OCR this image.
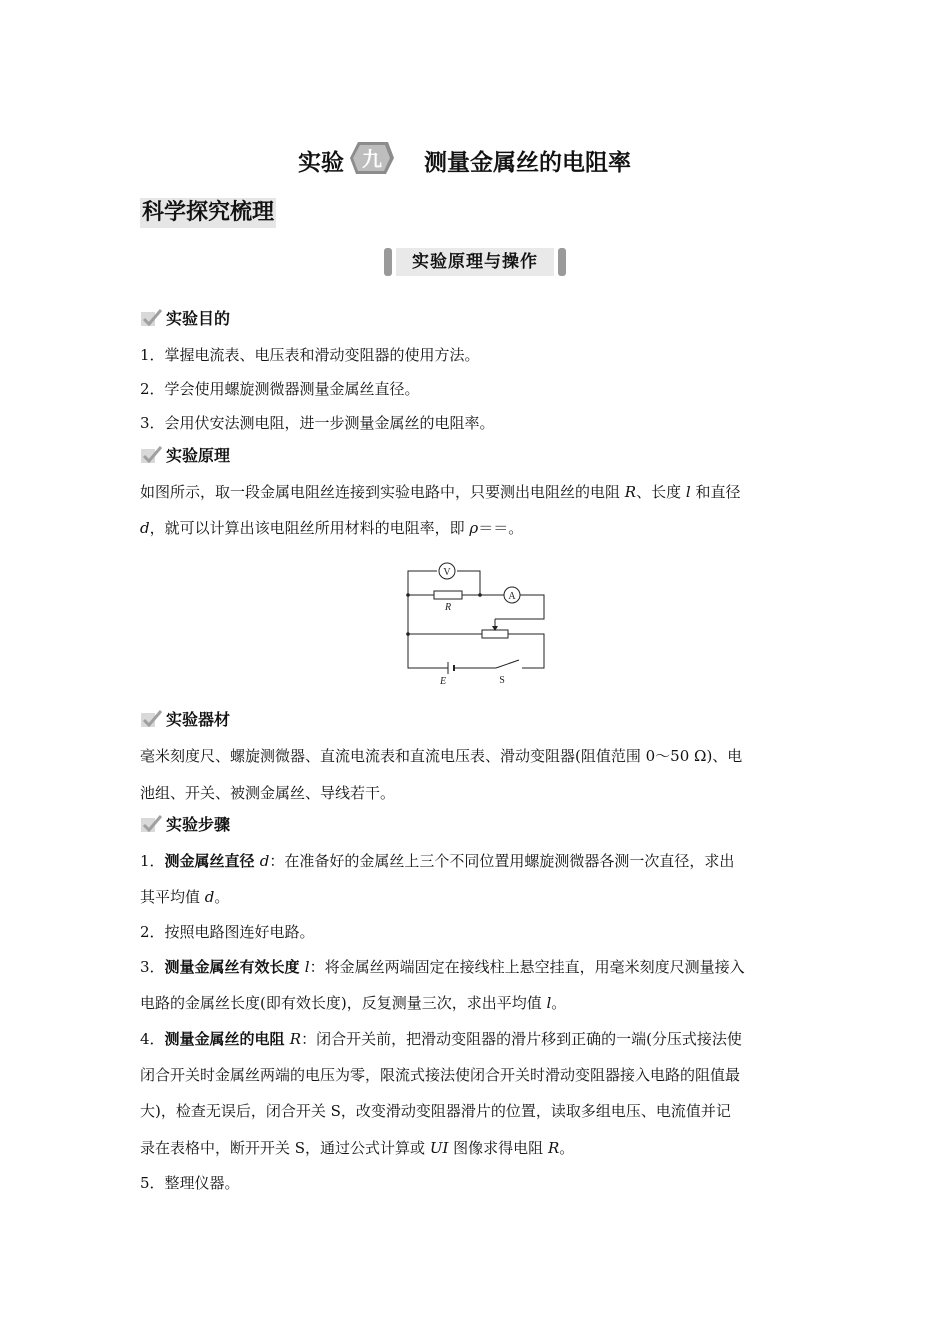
实验 九 测量金属丝的电阻率
科学探究梳理
实验原理与操作
实验目的
1．掌握电流表、电压表和滑动变阻器的使用方法。
2．学会使用螺旋测微器测量金属丝直径。
3．会用伏安法测电阻，进一步测量金属丝的电阻率。
实验原理
如图所示，取一段金属电阻丝连接到实验电路中，只要测出电阻丝的电阻 R、长度 l 和直径
d，就可以计算出该电阻丝所用材料的电阻率，即 ρ＝＝。
V
A
R
E	S
实验器材
毫米刻度尺、螺旋测微器、直流电流表和直流电压表、滑动变阻器(阻值范围 0～50 Ω)、电
池组、开关、被测金属丝、导线若干。
实验步骤
1．测金属丝直径 d：在准备好的金属丝上三个不同位置用螺旋测微器各测一次直径，求出
其平均值 d。
2．按照电路图连好电路。
3．测量金属丝有效长度 l：将金属丝两端固定在接线柱上悬空挂直，用毫米刻度尺测量接入
电路的金属丝长度(即有效长度)，反复测量三次，求出平均值 l。
4．测量金属丝的电阻 R：闭合开关前，把滑动变阻器的滑片移到正确的一端(分压式接法使
闭合开关时金属丝两端的电压为零，限流式接法使闭合开关时滑动变阻器接入电路的阻值最
大)，检查无误后，闭合开关 S，改变滑动变阻器滑片的位置，读取多组电压、电流值并记
录在表格中，断开开关 S，通过公式计算或 UI 图像求得电阻 R。
5．整理仪器。
